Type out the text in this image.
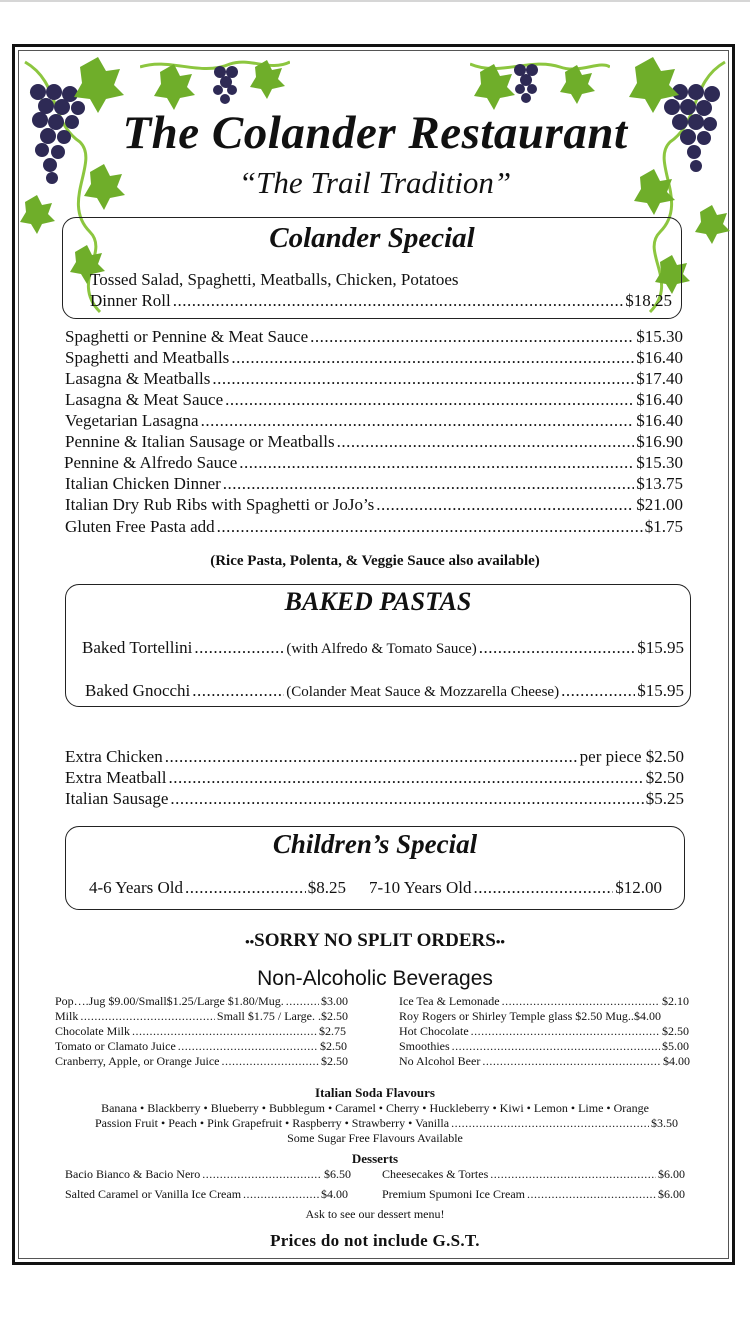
The Colander Restaurant
“The Trail Tradition”
Colander Special
Tossed Salad, Spaghetti, Meatballs, Chicken, Potatoes
Dinner Roll .....	$18.25
Spaghetti or Pennine & Meat Sauce .....	$15.30
Spaghetti and Meatballs .....	$16.40
Lasagna & Meatballs .....	$17.40
Lasagna & Meat Sauce .....	$16.40
Vegetarian Lasagna .....	$16.40
Pennine & Italian Sausage or Meatballs .....	$16.90
Pennine & Alfredo Sauce .....	$15.30
Italian Chicken Dinner .....	$13.75
Italian Dry Rub Ribs with Spaghetti or JoJo’s .....	$21.00
Gluten Free Pasta add .....	$1.75
(Rice Pasta, Polenta, & Veggie Sauce also available)
BAKED PASTAS
Baked Tortellini .....	(with Alfredo & Tomato Sauce) .....	$15.95
Baked Gnocchi .....	(Colander Meat Sauce & Mozzarella Cheese) .....	$15.95
Extra Chicken .....	per piece $2.50
Extra Meatball .....	$2.50
Italian Sausage .....	$5.25
Children’s Special
4-6 Years Old .....	$8.25 7-10 Years Old .....	$12.00
••SORRY NO SPLIT ORDERS••
Non-Alcoholic Beverages
Pop….Jug $9.00/Small$1.25/Large $1.80/Mug. .....	$3.00
Milk .....	Small $1.75 / Large. .$2.50
Chocolate Milk .....	$2.75
Tomato or Clamato Juice .....	$2.50
Cranberry, Apple, or Orange Juice .....	$2.50
Ice Tea & Lemonade .....	$2.10
Roy Rogers or Shirley Temple glass $2.50 Mug.. $4.00
Hot Chocolate .....	$2.50
Smoothies .....	$5.00
No Alcohol Beer .....	$4.00
Italian Soda Flavours
Banana • Blackberry • Blueberry • Bubblegum • Caramel • Cherry • Huckleberry • Kiwi • Lemon • Lime • Orange
Passion Fruit • Peach • Pink Grapefruit • Raspberry • Strawberry • Vanilla .....	$3.50
Some Sugar Free Flavours Available
Desserts
Bacio Bianco & Bacio Nero .....	$6.50	Cheesecakes & Tortes .....	$6.00
Salted Caramel or Vanilla Ice Cream .....	$4.00	Premium Spumoni Ice Cream .....	$6.00
Ask to see our dessert menu!
Prices do not include G.S.T.
